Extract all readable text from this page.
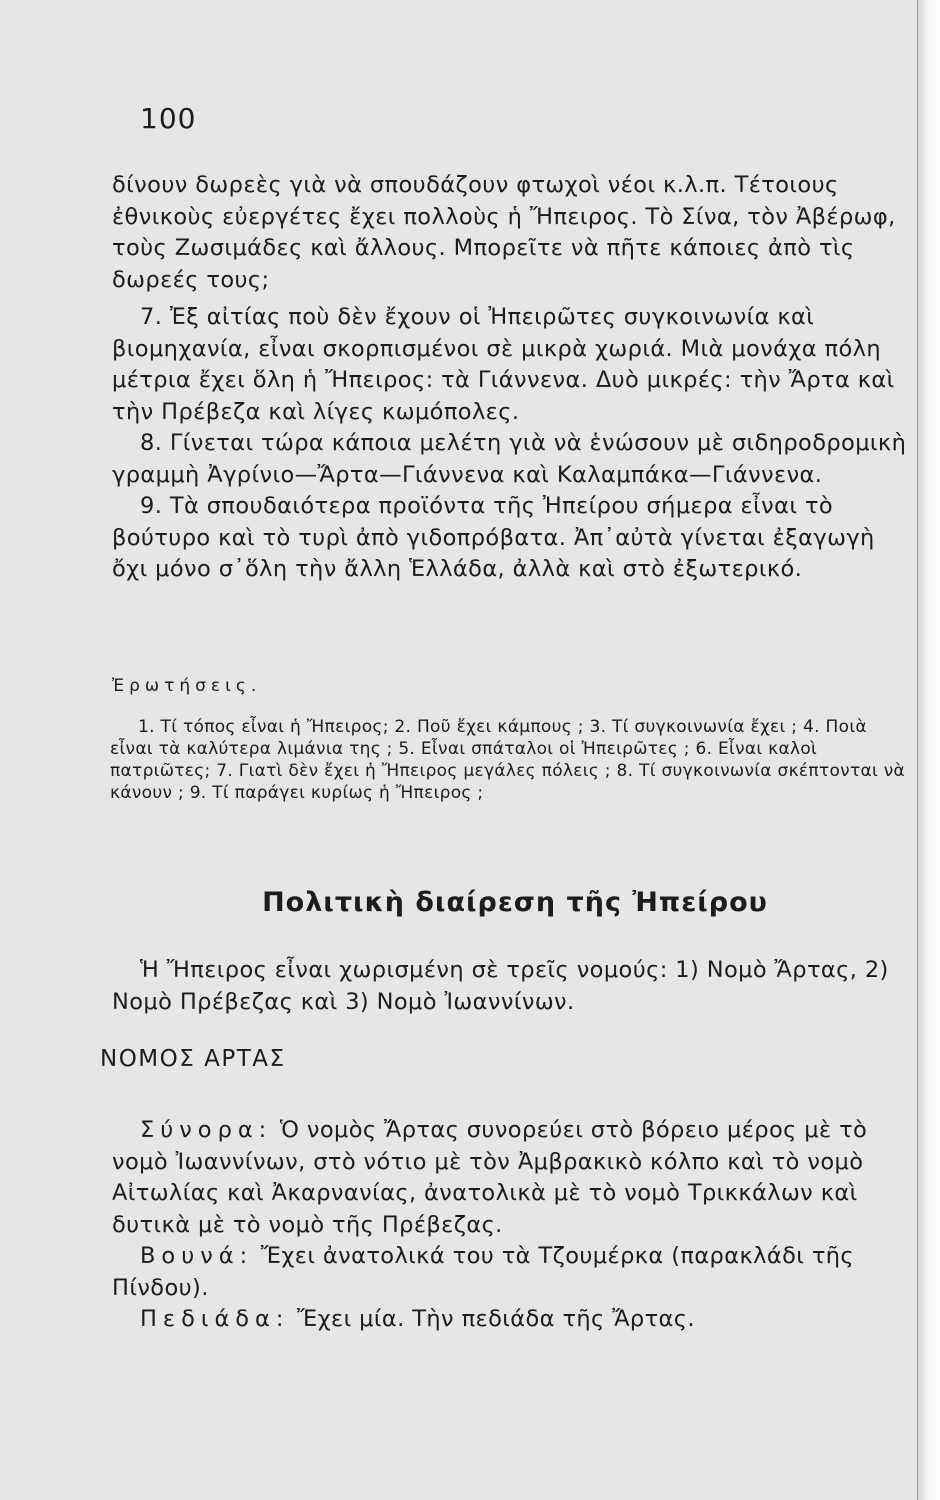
100

δίνουν δωρεὲς γιὰ νὰ σπουδάζουν φτωχοὶ νέοι κ.λ.π. Τέτοιους ἐθνικοὺς εὐεργέτες ἔχει πολλοὺς ἡ Ἤπειρος. Τὸ Σίνα, τὸν Ἀβέρωφ, τοὺς Ζωσιμάδες καὶ ἄλλους. Μπορεῖτε νὰ πῆτε κάποιες ἀπὸ τὶς δωρεές τους;

7. Ἐξ αἰτίας ποὺ δὲν ἔχουν οἱ Ἠπειρῶτες συγκοινωνία καὶ βιομηχανία, εἶναι σκορπισμένοι σὲ μικρὰ χωριά. Μιὰ μονάχα πόλη μέτρια ἔχει ὅλη ἡ Ἤπειρος: τὰ Γιάννενα. Δυὸ μικρές: τὴν Ἄρτα καὶ τὴν Πρέβεζα καὶ λίγες κωμόπολες.

8. Γίνεται τώρα κάποια μελέτη γιὰ νὰ ἑνώσουν μὲ σιδηροδρομικὴ γραμμὴ Ἀγρίνιο—Ἄρτα—Γιάννενα καὶ Καλαμπάκα—Γιάννενα.

9. Τὰ σπουδαιότερα προϊόντα τῆς Ἠπείρου σήμερα εἶναι τὸ βούτυρο καὶ τὸ τυρὶ ἀπὸ γιδοπρόβατα. Ἀπ᾽αὐτὰ γίνεται ἐξαγωγὴ ὄχι μόνο σ᾽ὅλη τὴν ἄλλη Ἑλλάδα, ἀλλὰ καὶ στὸ ἐξωτερικό.

Ἐρωτήσεις.

1. Τί τόπος εἶναι ἡ Ἤπειρος; 2. Ποῦ ἔχει κάμπους ; 3. Τί συγκοινωνία ἔχει ; 4. Ποιὰ εἶναι τὰ καλύτερα λιμάνια της ; 5. Εἶναι σπάταλοι οἱ Ἠπειρῶτες ; 6. Εἶναι καλοὶ πατριῶτες; 7. Γιατὶ δὲν ἔχει ἡ Ἤπειρος μεγάλες πόλεις ; 8. Τί συγκοινωνία σκέπτονται νὰ κάνουν ; 9. Τί παράγει κυρίως ἡ Ἤπειρος ;

Πολιτικὴ διαίρεση τῆς Ἠπείρου

Ἡ Ἤπειρος εἶναι χωρισμένη σὲ τρεῖς νομούς: 1) Νομὸ Ἄρτας, 2) Νομὸ Πρέβεζας καὶ 3) Νομὸ Ἰωαννίνων.

ΝΟΜΟΣ ΑΡΤΑΣ

Σύνορα: Ὁ νομὸς Ἄρτας συνορεύει στὸ βόρειο μέρος μὲ τὸ νομὸ Ἰωαννίνων, στὸ νότιο μὲ τὸν Ἀμβρακικὸ κόλπο καὶ τὸ νομὸ Αἰτωλίας καὶ Ἀκαρνανίας, ἀνατολικὰ μὲ τὸ νομὸ Τρικκάλων καὶ δυτικὰ μὲ τὸ νομὸ τῆς Πρέβεζας.

Βουνά: Ἔχει ἀνατολικά του τὰ Τζουμέρκα (παρακλάδι τῆς Πίνδου).

Πεδιάδα: Ἔχει μία. Τὴν πεδιάδα τῆς Ἄρτας.
